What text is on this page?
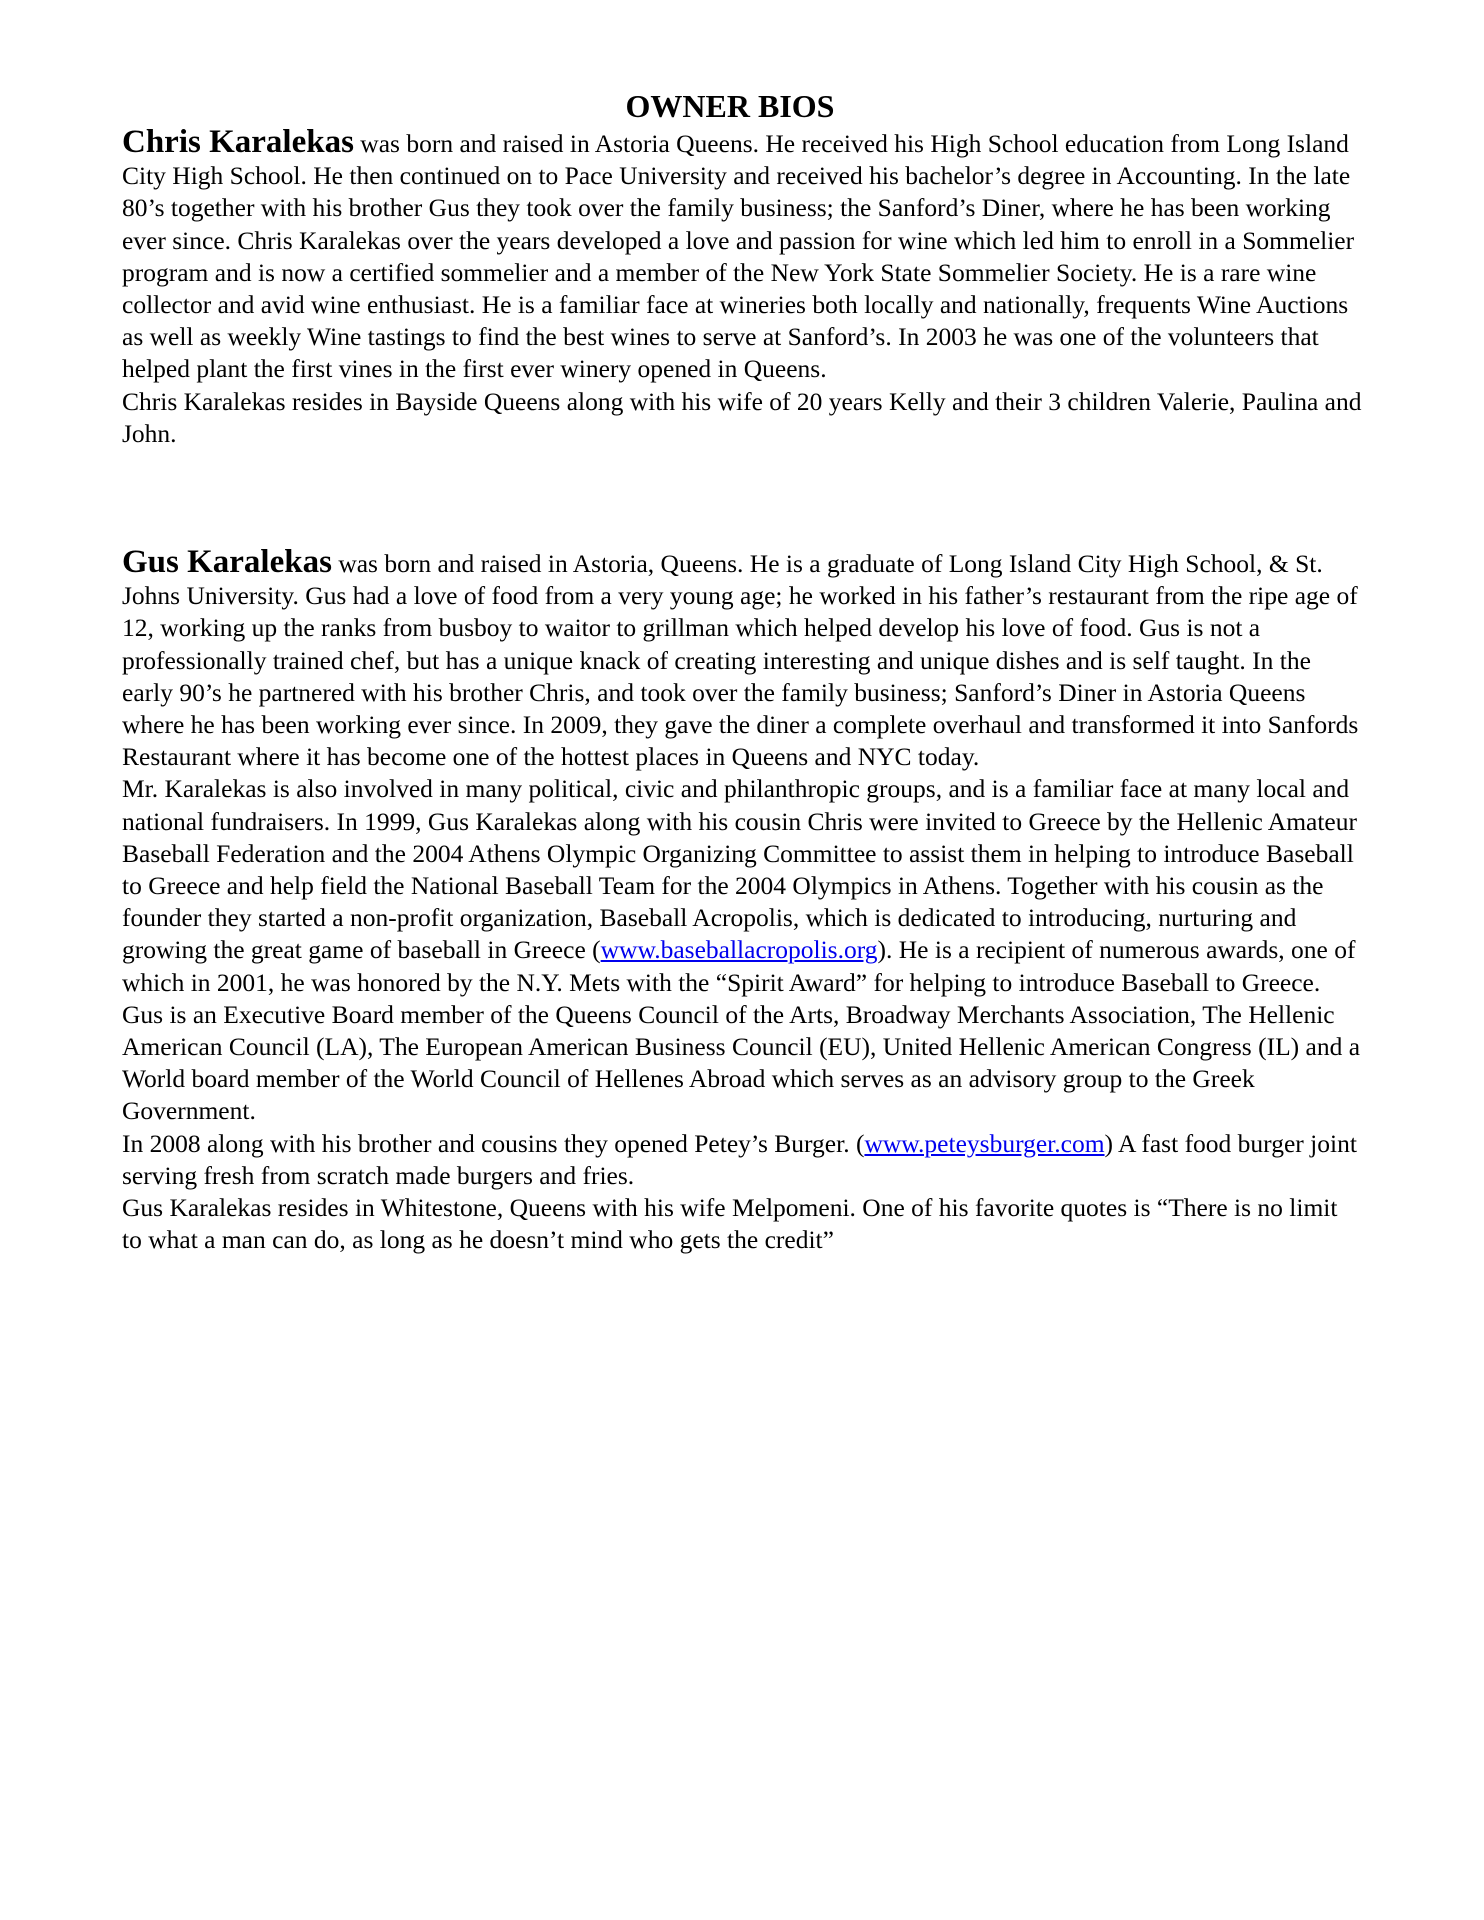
OWNER BIOS

Chris Karalekas was born and raised in Astoria Queens. He received his High School education from Long Island City High School. He then continued on to Pace University and received his bachelor’s degree in Accounting. In the late 80’s together with his brother Gus they took over the family business; the Sanford’s Diner, where he has been working ever since. Chris Karalekas over the years developed a love and passion for wine which led him to enroll in a Sommelier program and is now a certified sommelier and a member of the New York State Sommelier Society. He is a rare wine collector and avid wine enthusiast. He is a familiar face at wineries both locally and nationally, frequents Wine Auctions as well as weekly Wine tastings to find the best wines to serve at Sanford’s. In 2003 he was one of the volunteers that helped plant the first vines in the first ever winery opened in Queens.

Chris Karalekas resides in Bayside Queens along with his wife of 20 years Kelly and their 3 children Valerie, Paulina and John.

Gus Karalekas was born and raised in Astoria, Queens. He is a graduate of Long Island City High School, & St. Johns University. Gus had a love of food from a very young age; he worked in his father’s restaurant from the ripe age of 12, working up the ranks from busboy to waitor to grillman which helped develop his love of food. Gus is not a professionally trained chef, but has a unique knack of creating interesting and unique dishes and is self taught. In the early 90’s he partnered with his brother Chris, and took over the family business; Sanford’s Diner in Astoria Queens where he has been working ever since. In 2009, they gave the diner a complete overhaul and transformed it into Sanfords Restaurant where it has become one of the hottest places in Queens and NYC today.

Mr. Karalekas is also involved in many political, civic and philanthropic groups, and is a familiar face at many local and national fundraisers. In 1999, Gus Karalekas along with his cousin Chris were invited to Greece by the Hellenic Amateur Baseball Federation and the 2004 Athens Olympic Organizing Committee to assist them in helping to introduce Baseball to Greece and help field the National Baseball Team for the 2004 Olympics in Athens. Together with his cousin as the founder they started a non-profit organization, Baseball Acropolis, which is dedicated to introducing, nurturing and growing the great game of baseball in Greece (www.baseballacropolis.org). He is a recipient of numerous awards, one of which in 2001, he was honored by the N.Y. Mets with the “Spirit Award” for helping to introduce Baseball to Greece. Gus is an Executive Board member of the Queens Council of the Arts, Broadway Merchants Association, The Hellenic American Council (LA), The European American Business Council (EU), United Hellenic American Congress (IL) and a World board member of the World Council of Hellenes Abroad which serves as an advisory group to the Greek Government.

In 2008 along with his brother and cousins they opened Petey’s Burger. (www.peteysburger.com) A fast food burger joint serving fresh from scratch made burgers and fries.

Gus Karalekas resides in Whitestone, Queens with his wife Melpomeni. One of his favorite quotes is “There is no limit to what a man can do, as long as he doesn’t mind who gets the credit”
